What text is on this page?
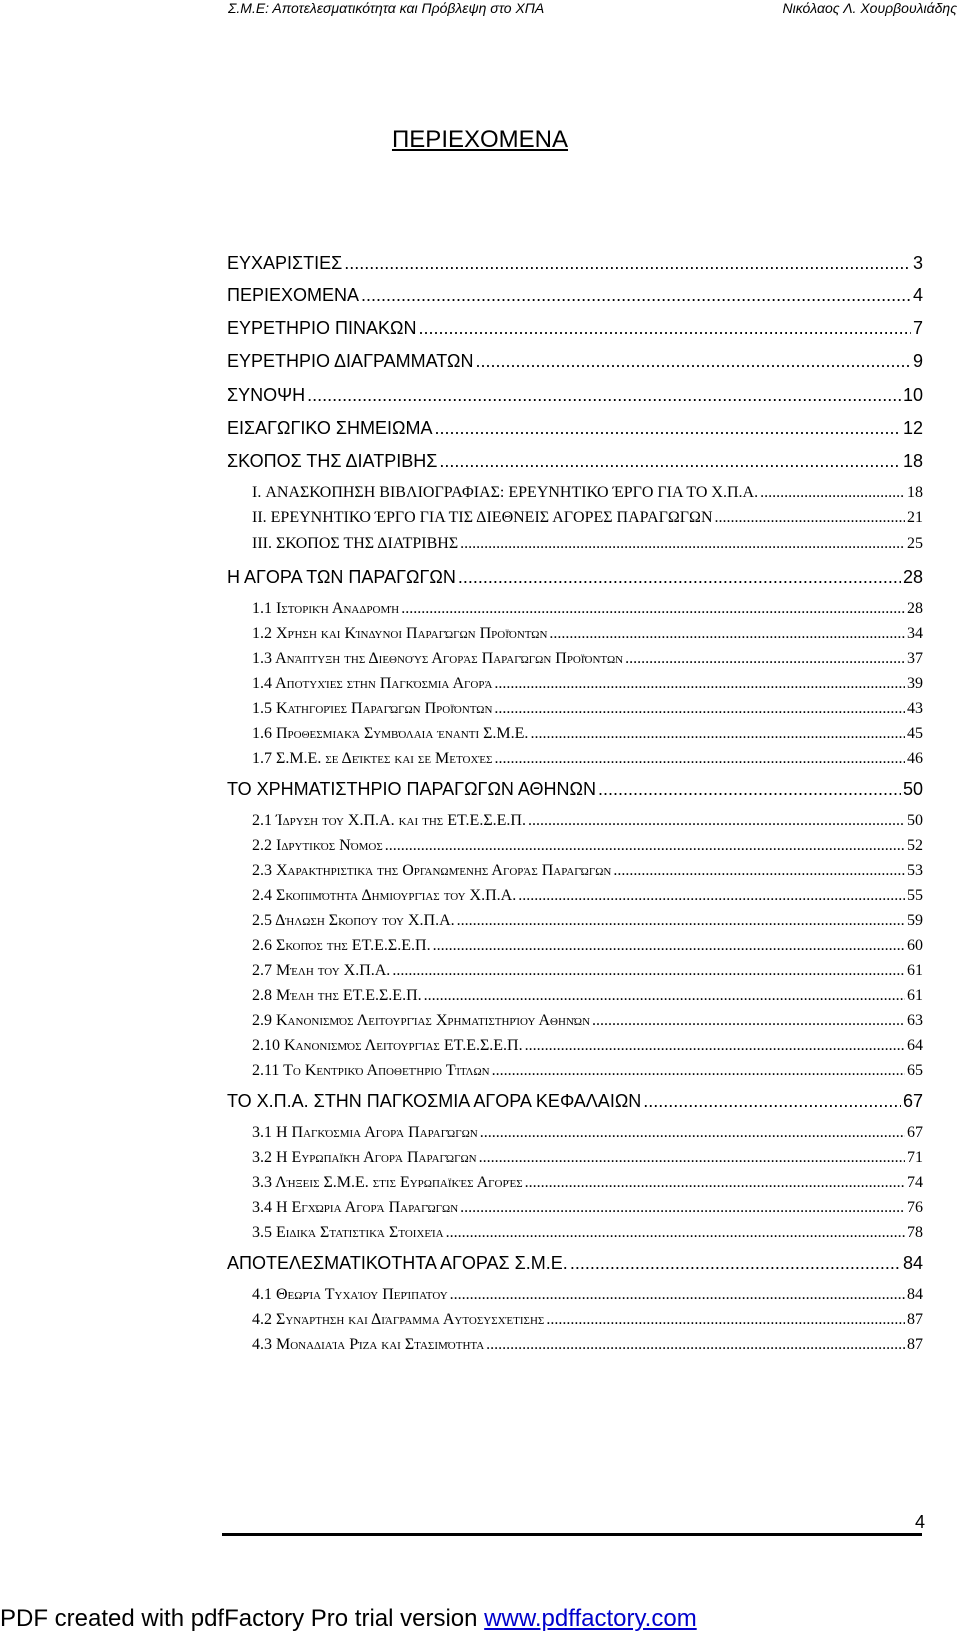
Σ.Μ.Ε: Αποτελεσματικότητα και Πρόβλεψη στο ΧΠΑ	Νικόλαος Λ. Χουρβουλιάδης
ΠΕΡΙΕΧΟΜΕΝΑ
ΕΥΧΑΡΙΣΤΙΕΣ .....	3
ΠΕΡΙΕΧΟΜΕΝΑ .....	4
ΕΥΡΕΤΗΡΙΟ ΠΙΝΑΚΩΝ .....	7
ΕΥΡΕΤΗΡΙΟ ΔΙΑΓΡΑΜΜΑΤΩΝ .....	9
ΣΥΝΟΨΗ .....	10
ΕΙΣΑΓΩΓΙΚΟ ΣΗΜΕΙΩΜΑ .....	12
ΣΚΟΠΟΣ ΤΗΣ ΔΙΑΤΡΙΒΗΣ .....	18
I. ΑΝΑΣΚΟΠΗΣΗ ΒΙΒΛΙΟΓΡΑΦΙΑΣ: ΕΡΕΥΝΗΤΙΚΟ ΈΡΓΟ ΓΙΑ ΤΟ Χ.Π.Α. .....	18
II. ΕΡΕΥΝΗΤΙΚΟ ΈΡΓΟ ΓΙΑ ΤΙΣ ΔΙΕΘΝΕΙΣ ΑΓΟΡΕΣ ΠΑΡΑΓΩΓΩΝ .....	21
III. ΣΚΟΠΟΣ ΤΗΣ ΔΙΑΤΡΙΒΗΣ .....	25
Η ΑΓΟΡΑ ΤΩΝ ΠΑΡΑΓΩΓΩΝ .....	28
1.1 Ιστορική Αναδρομή .....	28
1.2 Χρήση και Κίνδυνοι Παραγώγων Προϊόντων .....	34
1.3 Ανάπτυξη της Διεθνούς Αγοράς Παραγώγων Προϊόντων .....	37
1.4 Αποτυχίες στην Παγκόσμια Αγορά .....	39
1.5 Κατηγορίες Παραγώγων Προϊόντων .....	43
1.6 Προθεσμιακά Συμβόλαια έναντι Σ.Μ.Ε. .....	45
1.7 Σ.Μ.Ε. σε Δείκτες και σε Μετοχές .....	46
ΤΟ ΧΡΗΜΑΤΙΣΤΗΡΙΟ ΠΑΡΑΓΩΓΩΝ ΑΘΗΝΩΝ .....	50
2.1 Ίδρυση του Χ.Π.Α. και της ΕΤ.Ε.Σ.Ε.Π. .....	50
2.2 Ιδρυτικός Νόμος .....	52
2.3 Χαρακτηριστικά της Οργανωμένης Αγοράς Παραγώγων .....	53
2.4 Σκοπιμότητα Δημιουργίας του Χ.Π.Α. .....	55
2.5 Δήλωση Σκοπού του Χ.Π.Α. .....	59
2.6 Σκοπός της ΕΤ.Ε.Σ.Ε.Π. .....	60
2.7 Μέλη του Χ.Π.Α. .....	61
2.8 Μέλη της ΕΤ.Ε.Σ.Ε.Π. .....	61
2.9 Κανονισμός Λειτουργίας Χρηματιστηρίου Αθηνών .....	63
2.10 Κανονισμός Λειτουργίας ΕΤ.Ε.Σ.Ε.Π. .....	64
2.11 Το Κεντρικό Αποθετήριο Τίτλων .....	65
ΤΟ Χ.Π.Α. ΣΤΗΝ ΠΑΓΚΟΣΜΙΑ ΑΓΟΡΑ ΚΕΦΑΛΑΙΩΝ .....	67
3.1 Η Παγκόσμια Αγορά Παραγώγων .....	67
3.2 Η Ευρωπαϊκή Αγορά Παραγώγων .....	71
3.3 Λήξεις Σ.Μ.Ε. στις Ευρωπαϊκές Αγορές .....	74
3.4 Η Εγχώρια Αγορά Παραγώγων .....	76
3.5 Ειδικά Στατιστικά Στοιχεία .....	78
ΑΠΟΤΕΛΕΣΜΑΤΙΚΟΤΗΤΑ ΑΓΟΡΑΣ Σ.Μ.Ε. .....	84
4.1 Θεωρία Τυχαίου Περίπατου .....	84
4.2 Συνάρτηση και Διάγραμμα Αυτοσυσχέτισης .....	87
4.3 Μοναδιαία Ρίζα και Στασιμότητα .....	87
4
PDF created with pdfFactory Pro trial version www.pdffactory.com
